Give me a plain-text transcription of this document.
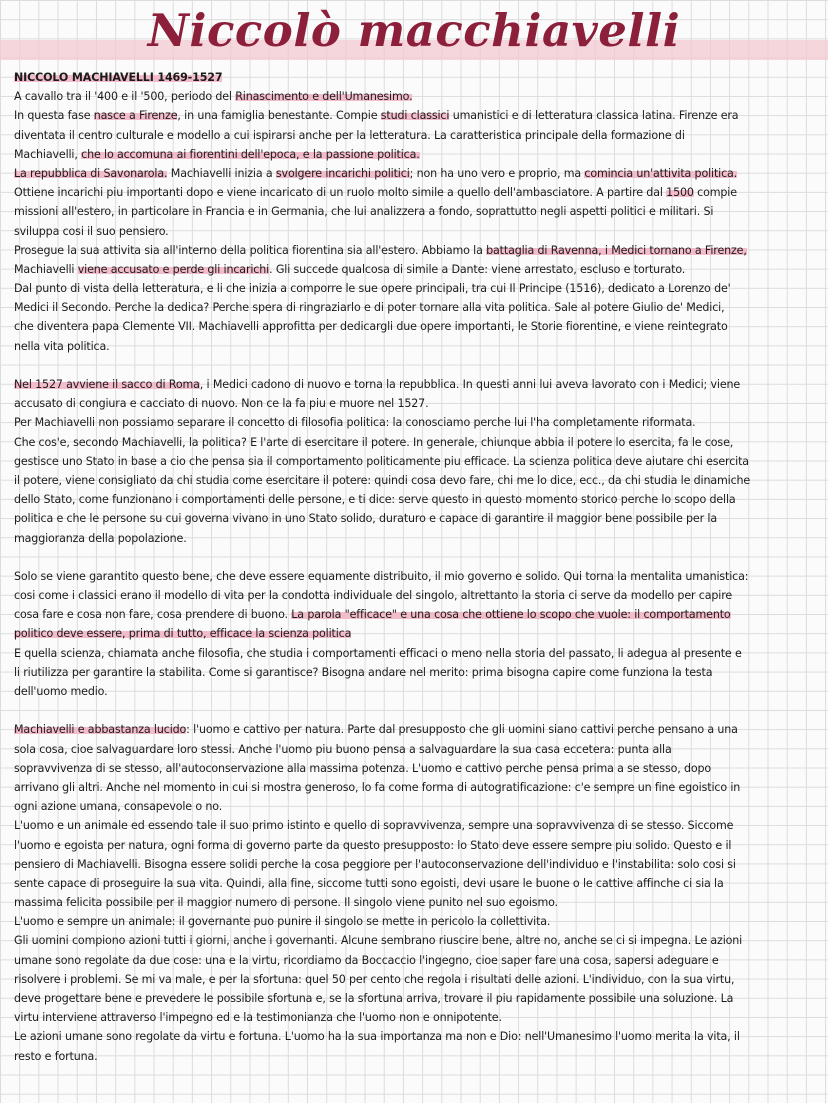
Niccolò macchiavelli
NICCOLO MACHIAVELLI 1469-1527
A cavallo tra il '400 e il '500, periodo del Rinascimento e dell'Umanesimo.
In questa fase nasce a Firenze, in una famiglia benestante. Compie studi classici umanistici e di letteratura classica latina. Firenze era
diventata il centro culturale e modello a cui ispirarsi anche per la letteratura. La caratteristica principale della formazione di
Machiavelli, che lo accomuna ai fiorentini dell'epoca, e la passione politica.
La repubblica di Savonarola. Machiavelli inizia a svolgere incarichi politici; non ha uno vero e proprio, ma comincia un'attivita politica.
Ottiene incarichi piu importanti dopo e viene incaricato di un ruolo molto simile a quello dell'ambasciatore. A partire dal 1500 compie
missioni all'estero, in particolare in Francia e in Germania, che lui analizzera a fondo, soprattutto negli aspetti politici e militari. Si
sviluppa cosi il suo pensiero.
Prosegue la sua attivita sia all'interno della politica fiorentina sia all'estero. Abbiamo la battaglia di Ravenna, i Medici tornano a Firenze,
Machiavelli viene accusato e perde gli incarichi. Gli succede qualcosa di simile a Dante: viene arrestato, escluso e torturato.
Dal punto di vista della letteratura, e li che inizia a comporre le sue opere principali, tra cui Il Principe (1516), dedicato a Lorenzo de'
Medici il Secondo. Perche la dedica? Perche spera di ringraziarlo e di poter tornare alla vita politica. Sale al potere Giulio de' Medici,
che diventera papa Clemente VII. Machiavelli approfitta per dedicargli due opere importanti, le Storie fiorentine, e viene reintegrato
nella vita politica.
Nel 1527 avviene il sacco di Roma, i Medici cadono di nuovo e torna la repubblica. In questi anni lui aveva lavorato con i Medici; viene
accusato di congiura e cacciato di nuovo. Non ce la fa piu e muore nel 1527.
Per Machiavelli non possiamo separare il concetto di filosofia politica: la conosciamo perche lui l'ha completamente riformata.
Che cos'e, secondo Machiavelli, la politica? E l'arte di esercitare il potere. In generale, chiunque abbia il potere lo esercita, fa le cose,
gestisce uno Stato in base a cio che pensa sia il comportamento politicamente piu efficace. La scienza politica deve aiutare chi esercita
il potere, viene consigliato da chi studia come esercitare il potere: quindi cosa devo fare, chi me lo dice, ecc., da chi studia le dinamiche
dello Stato, come funzionano i comportamenti delle persone, e ti dice: serve questo in questo momento storico perche lo scopo della
politica e che le persone su cui governa vivano in uno Stato solido, duraturo e capace di garantire il maggior bene possibile per la
maggioranza della popolazione.
Solo se viene garantito questo bene, che deve essere equamente distribuito, il mio governo e solido. Qui torna la mentalita umanistica:
cosi come i classici erano il modello di vita per la condotta individuale del singolo, altrettanto la storia ci serve da modello per capire
cosa fare e cosa non fare, cosa prendere di buono. La parola "efficace" e una cosa che ottiene lo scopo che vuole: il comportamento
politico deve essere, prima di tutto, efficace la scienza politica
E quella scienza, chiamata anche filosofia, che studia i comportamenti efficaci o meno nella storia del passato, li adegua al presente e
li riutilizza per garantire la stabilita. Come si garantisce? Bisogna andare nel merito: prima bisogna capire come funziona la testa
dell'uomo medio.
Machiavelli e abbastanza lucido: l'uomo e cattivo per natura. Parte dal presupposto che gli uomini siano cattivi perche pensano a una
sola cosa, cioe salvaguardare loro stessi. Anche l'uomo piu buono pensa a salvaguardare la sua casa eccetera: punta alla
sopravvivenza di se stesso, all'autoconservazione alla massima potenza. L'uomo e cattivo perche pensa prima a se stesso, dopo
arrivano gli altri. Anche nel momento in cui si mostra generoso, lo fa come forma di autogratificazione: c'e sempre un fine egoistico in
ogni azione umana, consapevole o no.
L'uomo e un animale ed essendo tale il suo primo istinto e quello di sopravvivenza, sempre una sopravvivenza di se stesso. Siccome
l'uomo e egoista per natura, ogni forma di governo parte da questo presupposto: lo Stato deve essere sempre piu solido. Questo e il
pensiero di Machiavelli. Bisogna essere solidi perche la cosa peggiore per l'autoconservazione dell'individuo e l'instabilita: solo cosi si
sente capace di proseguire la sua vita. Quindi, alla fine, siccome tutti sono egoisti, devi usare le buone o le cattive affinche ci sia la
massima felicita possibile per il maggior numero di persone. Il singolo viene punito nel suo egoismo.
L'uomo e sempre un animale: il governante puo punire il singolo se mette in pericolo la collettivita.
Gli uomini compiono azioni tutti i giorni, anche i governanti. Alcune sembrano riuscire bene, altre no, anche se ci si impegna. Le azioni
umane sono regolate da due cose: una e la virtu, ricordiamo da Boccaccio l'ingegno, cioe saper fare una cosa, sapersi adeguare e
risolvere i problemi. Se mi va male, e per la sfortuna: quel 50 per cento che regola i risultati delle azioni. L'individuo, con la sua virtu,
deve progettare bene e prevedere le possibile sfortuna e, se la sfortuna arriva, trovare il piu rapidamente possibile una soluzione. La
virtu interviene attraverso l'impegno ed e la testimonianza che l'uomo non e onnipotente.
Le azioni umane sono regolate da virtu e fortuna. L'uomo ha la sua importanza ma non e Dio: nell'Umanesimo l'uomo merita la vita, il
resto e fortuna.
